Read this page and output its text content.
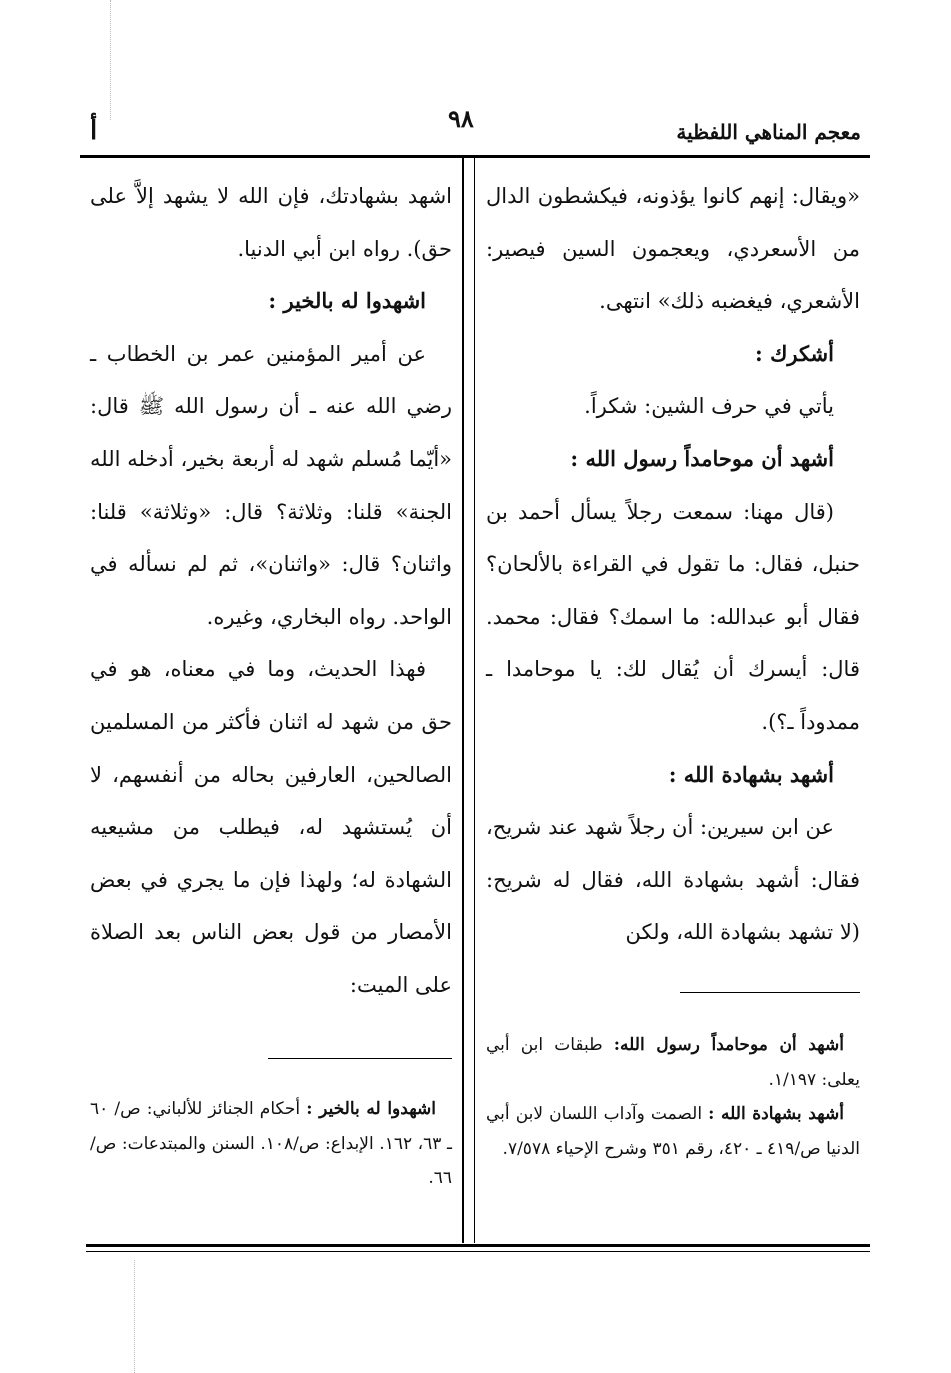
معجم المناهي اللفظية
٩٨
أ

«ويقال: إنهم كانوا يؤذونه، فيكشطون الدال من الأسعردي، ويعجمون السين فيصير: الأشعري، فيغضبه ذلك» انتهى.

أشكرك :

يأتي في حرف الشين: شكراً.

أشهد أن موحامداً رسول الله :

(قال مهنا: سمعت رجلاً يسأل أحمد بن حنبل، فقال: ما تقول في القراءة بالألحان؟ فقال أبو عبدالله: ما اسمك؟ فقال: محمد. قال: أيسرك أن يُقال لك: يا موحامدا ـ ممدوداً ـ؟).

أشهد بشهادة الله :

عن ابن سيرين: أن رجلاً شهد عند شريح، فقال: أشهد بشهادة الله، فقال له شريح: (لا تشهد بشهادة الله، ولكن

أشهد أن موحامداً رسول الله: طبقات ابن أبي يعلى: ١/١٩٧.

أشهد بشهادة الله : الصمت وآداب اللسان لابن أبي الدنيا ص/٤١٩ ـ ٤٢٠، رقم ٣٥١ وشرح الإحياء ٧/٥٧٨.

اشهد بشهادتك، فإن الله لا يشهد إلاَّ على حق). رواه ابن أبي الدنيا.

اشهدوا له بالخير :

عن أمير المؤمنين عمر بن الخطاب ـ رضي الله عنه ـ أن رسول الله ﷺ قال: «أيّما مُسلم شهد له أربعة بخير، أدخله الله الجنة» قلنا: وثلاثة؟ قال: «وثلاثة» قلنا: واثنان؟ قال: «واثنان»، ثم لم نسأله في الواحد. رواه البخاري، وغيره.

فهذا الحديث، وما في معناه، هو في حق من شهد له اثنان فأكثر من المسلمين الصالحين، العارفين بحاله من أنفسهم، لا أن يُستشهد له، فيطلب من مشيعيه الشهادة له؛ ولهذا فإن ما يجري في بعض الأمصار من قول بعض الناس بعد الصلاة على الميت:

اشهدوا له بالخير : أحكام الجنائز للألباني: ص/ ٦٠ ـ ٦٣، ١٦٢. الإبداع: ص/١٠٨. السنن والمبتدعات: ص/ ٦٦.
